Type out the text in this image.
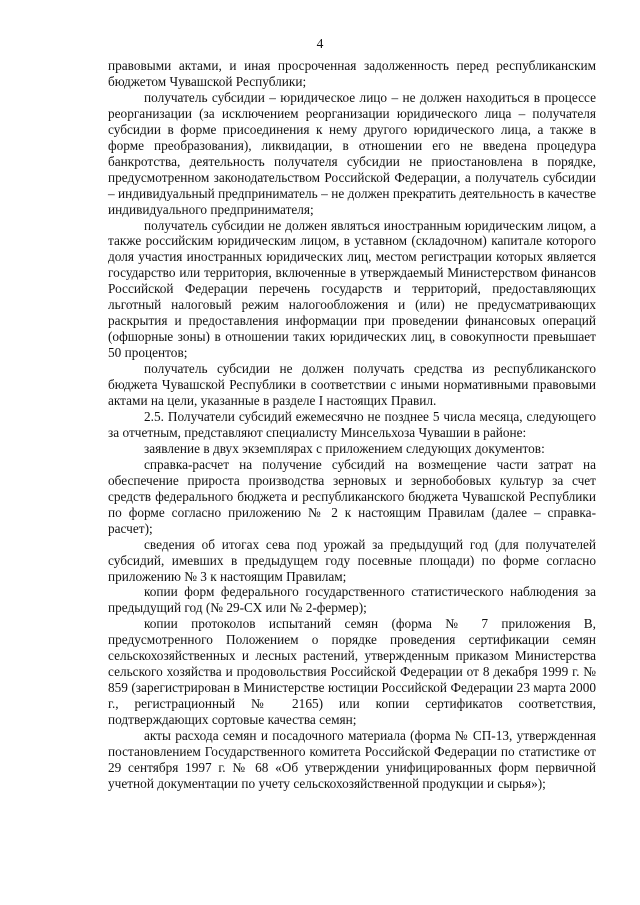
4

правовыми актами, и иная просроченная задолженность перед республиканским бюджетом Чувашской Республики;

получатель субсидии – юридическое лицо – не должен находиться в процессе реорганизации (за исключением реорганизации юридического лица – получателя субсидии в форме присоединения к нему другого юридического лица, а также в форме преобразования), ликвидации, в отношении его не введена процедура банкротства, деятельность получателя субсидии не приостановлена в порядке, предусмотренном законодательством Российской Федерации, а получатель субсидии – индивидуальный предприниматель – не должен прекратить деятельность в качестве индивидуального предпринимателя;

получатель субсидии не должен являться иностранным юридическим лицом, а также российским юридическим лицом, в уставном (складочном) капитале которого доля участия иностранных юридических лиц, местом регистрации которых является государство или территория, включенные в утверждаемый Министерством финансов Российской Федерации перечень государств и территорий, предоставляющих льготный налоговый режим налогообложения и (или) не предусматривающих раскрытия и предоставления информации при проведении финансовых операций (офшорные зоны) в отношении таких юридических лиц, в совокупности превышает 50 процентов;

получатель субсидии не должен получать средства из республиканского бюджета Чувашской Республики в соответствии с иными нормативными правовыми актами на цели, указанные в разделе I настоящих Правил.

2.5. Получатели субсидий ежемесячно не позднее 5 числа месяца, следующего за отчетным, представляют специалисту Минсельхоза Чувашии в районе:

заявление в двух экземплярах с приложением следующих документов:

справка-расчет на получение субсидий на возмещение части затрат на обеспечение прироста производства зерновых и зернобобовых культур за счет средств федерального бюджета и республиканского бюджета Чувашской Республики по форме согласно приложению № 2 к настоящим Правилам (далее – справка-расчет);

сведения об итогах сева под урожай за предыдущий год (для получателей субсидий, имевших в предыдущем году посевные площади) по форме согласно приложению № 3 к настоящим Правилам;

копии форм федерального государственного статистического наблюдения за предыдущий год (№ 29-СХ или № 2-фермер);

копии протоколов испытаний семян (форма № 7 приложения В, предусмотренного Положением о порядке проведения сертификации семян сельскохозяйственных и лесных растений, утвержденным приказом Министерства сельского хозяйства и продовольствия Российской Федерации от 8 декабря 1999 г. № 859 (зарегистрирован в Министерстве юстиции Российской Федерации 23 марта 2000 г., регистрационный № 2165) или копии сертификатов соответствия, подтверждающих сортовые качества семян;

акты расхода семян и посадочного материала (форма № СП-13, утвержденная постановлением Государственного комитета Российской Федерации по статистике от 29 сентября 1997 г. № 68 «Об утверждении унифицированных форм первичной учетной документации по учету сельскохозяйственной продукции и сырья»);
